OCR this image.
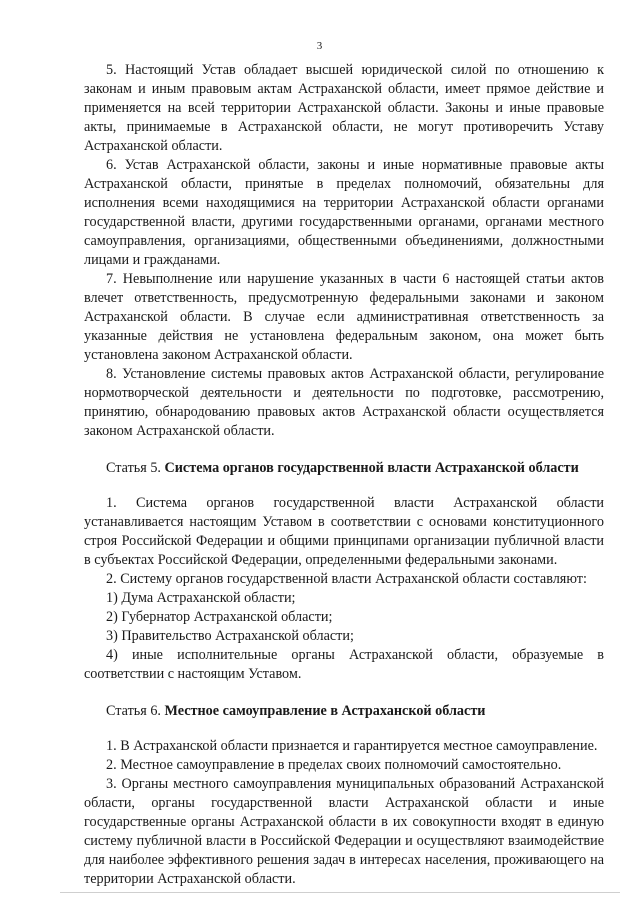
3

5. Настоящий Устав обладает высшей юридической силой по отношению к законам и иным правовым актам Астраханской области, имеет прямое действие и применяется на всей территории Астраханской области. Законы и иные правовые акты, принимаемые в Астраханской области, не могут противоречить Уставу Астраханской области.

6. Устав Астраханской области, законы и иные нормативные правовые акты Астраханской области, принятые в пределах полномочий, обязательны для исполнения всеми находящимися на территории Астраханской области органами государственной власти, другими государственными органами, органами местного самоуправления, организациями, общественными объединениями, должностными лицами и гражданами.

7. Невыполнение или нарушение указанных в части 6 настоящей статьи актов влечет ответственность, предусмотренную федеральными законами и законом Астраханской области. В случае если административная ответственность за указанные действия не установлена федеральным законом, она может быть установлена законом Астраханской области.

8. Установление системы правовых актов Астраханской области, регулирование нормотворческой деятельности и деятельности по подготовке, рассмотрению, принятию, обнародованию правовых актов Астраханской области осуществляется законом Астраханской области.

Статья 5. Система органов государственной власти Астраханской области

1. Система органов государственной власти Астраханской области устанавливается настоящим Уставом в соответствии с основами конституционного строя Российской Федерации и общими принципами организации публичной власти в субъектах Российской Федерации, определенными федеральными законами.

2. Систему органов государственной власти Астраханской области составляют:

1) Дума Астраханской области;

2) Губернатор Астраханской области;

3) Правительство Астраханской области;

4) иные исполнительные органы Астраханской области, образуемые в соответствии с настоящим Уставом.

Статья 6. Местное самоуправление в Астраханской области

1. В Астраханской области признается и гарантируется местное самоуправление.

2. Местное самоуправление в пределах своих полномочий самостоятельно.

3. Органы местного самоуправления муниципальных образований Астраханской области, органы государственной власти Астраханской области и иные государственные органы Астраханской области в их совокупности входят в единую систему публичной власти в Российской Федерации и осуществляют взаимодействие для наиболее эффективного решения задач в интересах населения, проживающего на территории Астраханской области.
